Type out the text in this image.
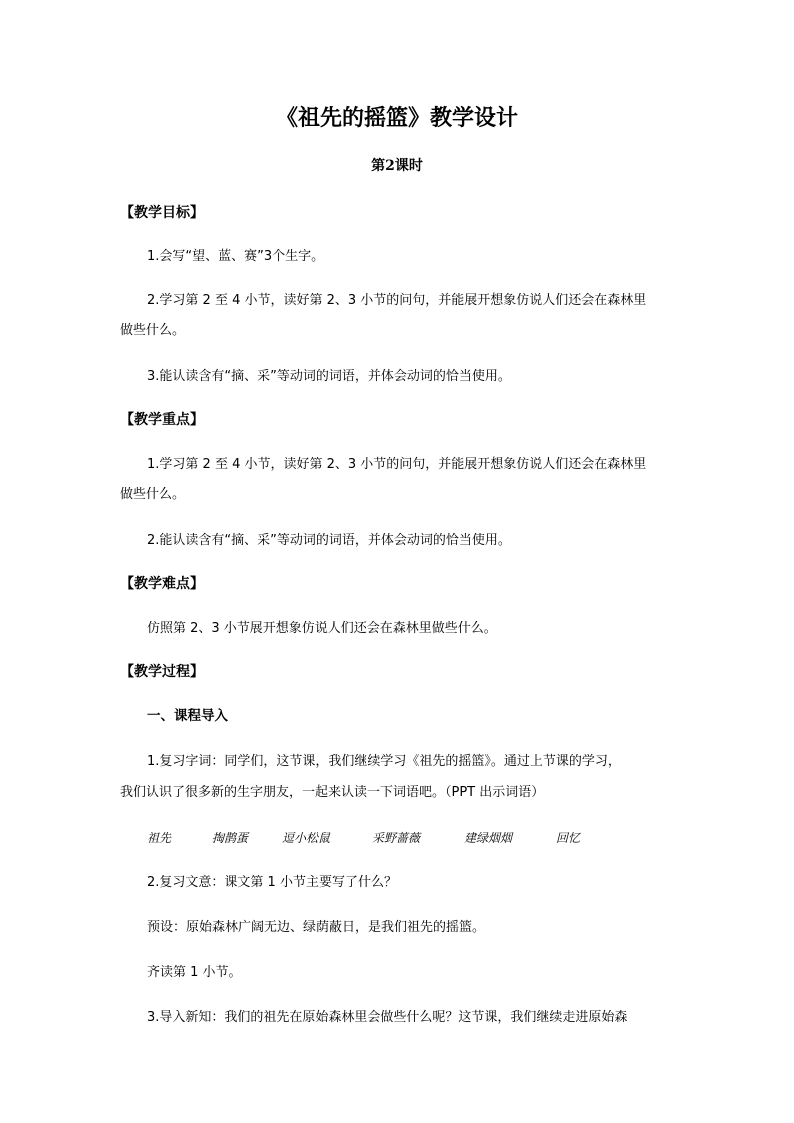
《祖先的摇篮》教学设计

第2课时

【教学目标】

1.会写“望、蓝、赛”3个生字。

2.学习第 2 至 4 小节，读好第 2、3 小节的问句，并能展开想象仿说人们还会在森林里

做些什么。

3.能认读含有“摘、采”等动词的词语，并体会动词的恰当使用。

【教学重点】

1.学习第 2 至 4 小节，读好第 2、3 小节的问句，并能展开想象仿说人们还会在森林里

做些什么。

2.能认读含有“摘、采”等动词的词语，并体会动词的恰当使用。

【教学难点】

仿照第 2、3 小节展开想象仿说人们还会在森林里做些什么。

【教学过程】

一、课程导入

1.复习字词：同学们，这节课，我们继续学习《祖先的摇篮》。通过上节课的学习，

我们认识了很多新的生字朋友，一起来认读一下词语吧。（PPT 出示词语）

祖先	掏鹊蛋	逗小松鼠	采野蔷薇	建绿烟烟	回忆

2.复习文意：课文第 1 小节主要写了什么？

预设：原始森林广阔无边、绿荫蔽日，是我们祖先的摇篮。

齐读第 1 小节。

3.导入新知：我们的祖先在原始森林里会做些什么呢？这节课，我们继续走进原始森
